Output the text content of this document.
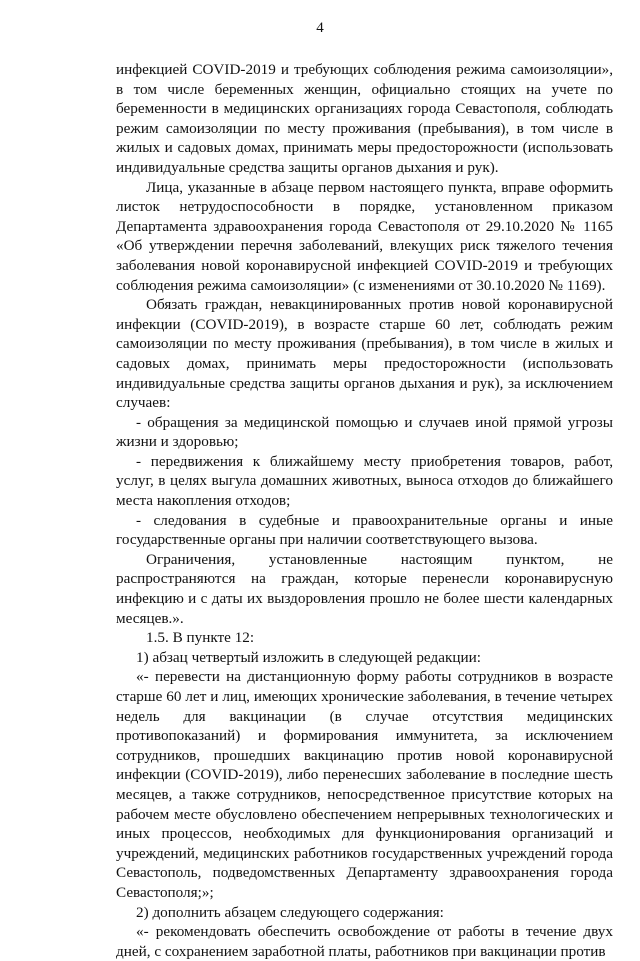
4

инфекцией COVID-2019 и требующих соблюдения режима самоизоляции», в том числе беременных женщин, официально стоящих на учете по беременности в медицинских организациях города Севастополя, соблюдать режим самоизоляции по месту проживания (пребывания), в том числе в жилых и садовых домах, принимать меры предосторожности (использовать индивидуальные средства защиты органов дыхания и рук).

Лица, указанные в абзаце первом настоящего пункта, вправе оформить листок нетрудоспособности в порядке, установленном приказом Департамента здравоохранения города Севастополя от 29.10.2020 № 1165 «Об утверждении перечня заболеваний, влекущих риск тяжелого течения заболевания новой коронавирусной инфекцией COVID-2019 и требующих соблюдения режима самоизоляции» (с изменениями от 30.10.2020 № 1169).

Обязать граждан, невакцинированных против новой коронавирусной инфекции (COVID-2019), в возрасте старше 60 лет, соблюдать режим самоизоляции по месту проживания (пребывания), в том числе в жилых и садовых домах, принимать меры предосторожности (использовать индивидуальные средства защиты органов дыхания и рук), за исключением случаев:

- обращения за медицинской помощью и случаев иной прямой угрозы жизни и здоровью;

- передвижения к ближайшему месту приобретения товаров, работ, услуг, в целях выгула домашних животных, выноса отходов до ближайшего места накопления отходов;

- следования в судебные и правоохранительные органы и иные государственные органы при наличии соответствующего вызова.

Ограничения, установленные настоящим пунктом, не распространяются на граждан, которые перенесли коронавирусную инфекцию и с даты их выздоровления прошло не более шести календарных месяцев.».

1.5. В пункте 12:

1) абзац четвертый изложить в следующей редакции:

«- перевести на дистанционную форму работы сотрудников в возрасте старше 60 лет и лиц, имеющих хронические заболевания, в течение четырех недель для вакцинации (в случае отсутствия медицинских противопоказаний) и формирования иммунитета, за исключением сотрудников, прошедших вакцинацию против новой коронавирусной инфекции (COVID-2019), либо перенесших заболевание в последние шесть месяцев, а также сотрудников, непосредственное присутствие которых на рабочем месте обусловлено обеспечением непрерывных технологических и иных процессов, необходимых для функционирования организаций и учреждений, медицинских работников государственных учреждений города Севастополь, подведомственных Департаменту здравоохранения города Севастополя;»;

2) дополнить абзацем следующего содержания:

«- рекомендовать обеспечить освобождение от работы в течение двух дней, с сохранением заработной платы, работников при вакцинации против
